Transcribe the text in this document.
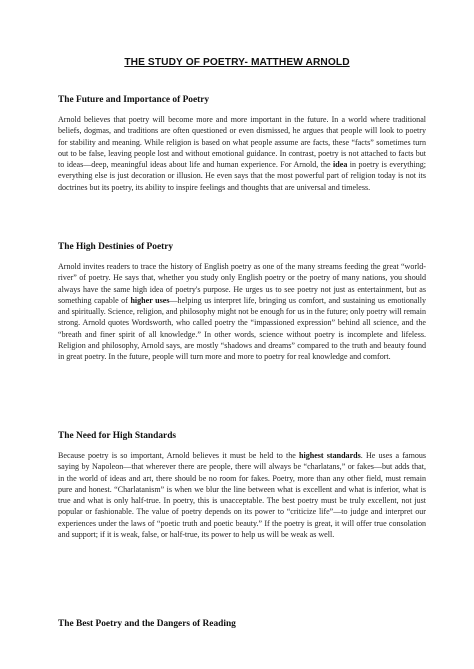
THE STUDY OF POETRY- MATTHEW ARNOLD
The Future and Importance of Poetry

Arnold believes that poetry will become more and more important in the future. In a world where traditional beliefs, dogmas, and traditions are often questioned or even dismissed, he argues that people will look to poetry for stability and meaning. While religion is based on what people assume are facts, these “facts” sometimes turn out to be false, leaving people lost and without emotional guidance. In contrast, poetry is not attached to facts but to ideas—deep, meaningful ideas about life and human experience. For Arnold, the idea in poetry is everything; everything else is just decoration or illusion. He even says that the most powerful part of religion today is not its doctrines but its poetry, its ability to inspire feelings and thoughts that are universal and timeless.

The High Destinies of Poetry

Arnold invites readers to trace the history of English poetry as one of the many streams feeding the great “world-river” of poetry. He says that, whether you study only English poetry or the poetry of many nations, you should always have the same high idea of poetry's purpose. He urges us to see poetry not just as entertainment, but as something capable of higher uses—helping us interpret life, bringing us comfort, and sustaining us emotionally and spiritually. Science, religion, and philosophy might not be enough for us in the future; only poetry will remain strong. Arnold quotes Wordsworth, who called poetry the “impassioned expression” behind all science, and the “breath and finer spirit of all knowledge.” In other words, science without poetry is incomplete and lifeless. Religion and philosophy, Arnold says, are mostly “shadows and dreams” compared to the truth and beauty found in great poetry. In the future, people will turn more and more to poetry for real knowledge and comfort.

The Need for High Standards

Because poetry is so important, Arnold believes it must be held to the highest standards. He uses a famous saying by Napoleon—that wherever there are people, there will always be “charlatans,” or fakes—but adds that, in the world of ideas and art, there should be no room for fakes. Poetry, more than any other field, must remain pure and honest. “Charlatanism” is when we blur the line between what is excellent and what is inferior, what is true and what is only half-true. In poetry, this is unacceptable. The best poetry must be truly excellent, not just popular or fashionable. The value of poetry depends on its power to “criticize life”—to judge and interpret our experiences under the laws of “poetic truth and poetic beauty.” If the poetry is great, it will offer true consolation and support; if it is weak, false, or half-true, its power to help us will be weak as well.

The Best Poetry and the Dangers of Reading
